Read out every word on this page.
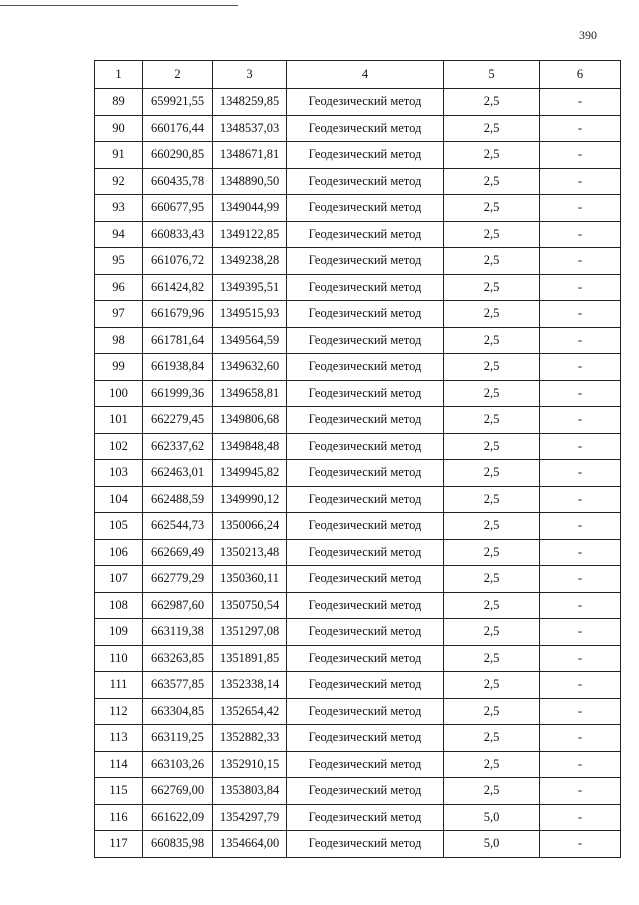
390
1	2	3	4	5	6
89	659921,55	1348259,85	Геодезический метод	2,5	-
90	660176,44	1348537,03	Геодезический метод	2,5	-
91	660290,85	1348671,81	Геодезический метод	2,5	-
92	660435,78	1348890,50	Геодезический метод	2,5	-
93	660677,95	1349044,99	Геодезический метод	2,5	-
94	660833,43	1349122,85	Геодезический метод	2,5	-
95	661076,72	1349238,28	Геодезический метод	2,5	-
96	661424,82	1349395,51	Геодезический метод	2,5	-
97	661679,96	1349515,93	Геодезический метод	2,5	-
98	661781,64	1349564,59	Геодезический метод	2,5	-
99	661938,84	1349632,60	Геодезический метод	2,5	-
100	661999,36	1349658,81	Геодезический метод	2,5	-
101	662279,45	1349806,68	Геодезический метод	2,5	-
102	662337,62	1349848,48	Геодезический метод	2,5	-
103	662463,01	1349945,82	Геодезический метод	2,5	-
104	662488,59	1349990,12	Геодезический метод	2,5	-
105	662544,73	1350066,24	Геодезический метод	2,5	-
106	662669,49	1350213,48	Геодезический метод	2,5	-
107	662779,29	1350360,11	Геодезический метод	2,5	-
108	662987,60	1350750,54	Геодезический метод	2,5	-
109	663119,38	1351297,08	Геодезический метод	2,5	-
110	663263,85	1351891,85	Геодезический метод	2,5	-
111	663577,85	1352338,14	Геодезический метод	2,5	-
112	663304,85	1352654,42	Геодезический метод	2,5	-
113	663119,25	1352882,33	Геодезический метод	2,5	-
114	663103,26	1352910,15	Геодезический метод	2,5	-
115	662769,00	1353803,84	Геодезический метод	2,5	-
116	661622,09	1354297,79	Геодезический метод	5,0	-
117	660835,98	1354664,00	Геодезический метод	5,0	-
